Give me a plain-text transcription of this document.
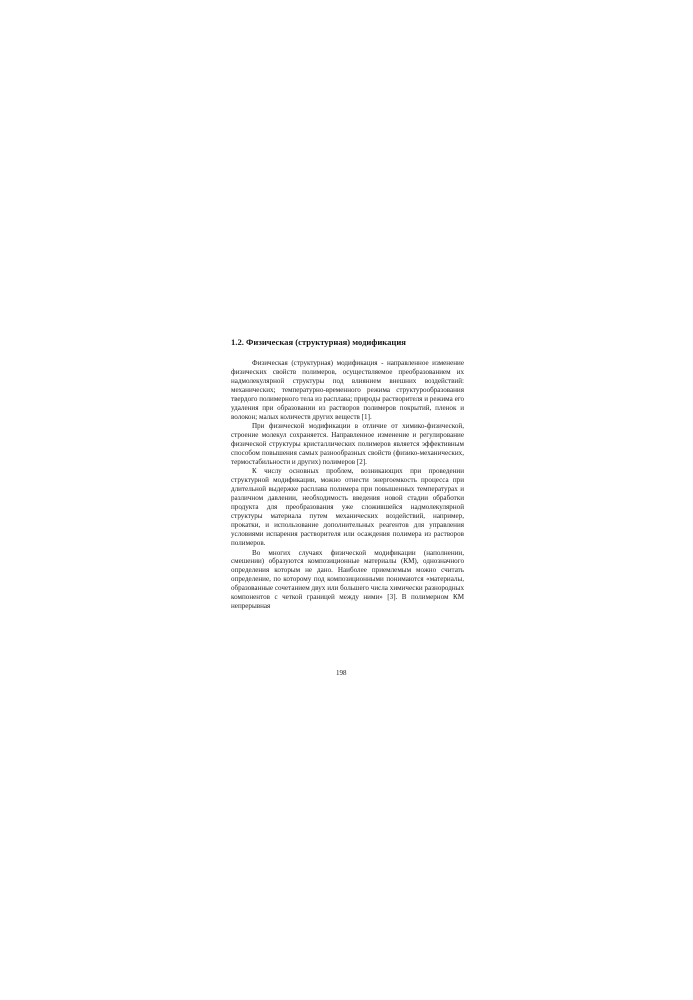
1.2. Физическая (структурная) модификация

Физическая (структурная) модификация - направленное изменение физических свойств полимеров, осуществляемое преобразованием их надмолекулярной структуры под влиянием внешних воздействий: механических; температурно-временного режима структурообразования твердого полимерного тела из расплава; природы растворителя и режима его удаления при образовании из растворов полимеров покрытий, пленок и волокон; малых количеств других веществ [1].

При физической модификации в отличие от химико-физической, строение молекул сохраняется. Направленное изменение и регулирование физической структуры кристаллических полимеров является эффективным способом повышения самых разнообразных свойств (физико-механических, термостабильности и других) полимеров [2].

К числу основных проблем, возникающих при проведении структурной модификации, можно отнести энергоемкость процесса при длительной выдержке расплава полимера при повышенных температурах и различном давлении, необходимость введения новой стадии обработки продукта для преобразования уже сложившейся надмолекулярной структуры материала путем механических воздействий, например, прокатки, и использование дополнительных реагентов для управления условиями испарения растворителя или осаждения полимера из растворов полимеров.

Во многих случаях физической модификации (наполнении, смешении) образуются композиционные материалы (КМ), однозначного определения которым не дано. Наиболее приемлемым можно считать определение, по которому под композиционными понимаются «материалы, образованные сочетанием двух или большего числа химически разнородных компонентов с четкой границей между ними» [3]. В полимерном КМ непрерывная

198
